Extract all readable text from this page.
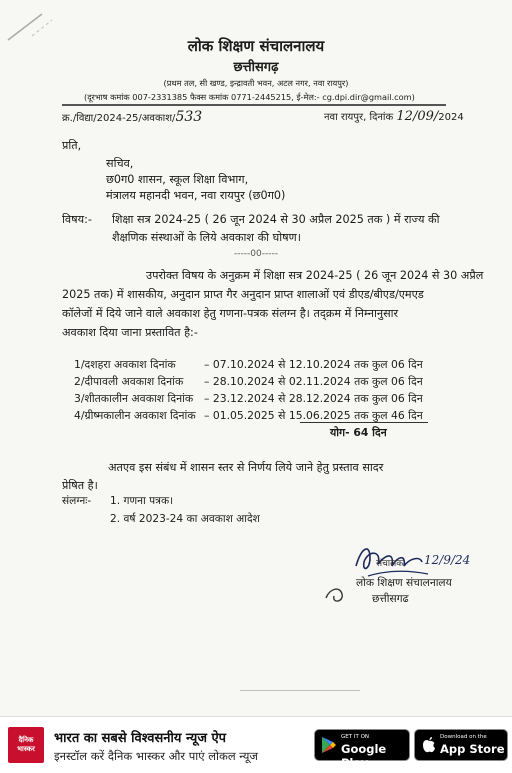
लोक शिक्षण संचालनालय
छत्तीसगढ़
(प्रथम तल, सी खण्ड, इन्द्रावती भवन, अटल नगर, नवा रायपुर)
(दूरभाष कमांक 007-2331385 फैक्स कमांक 0771-2445215, ई-मेल:- cg.dpi.dir@gmail.com)
क्र./विद्या/2024-25/अवकाश/533	नवा रायपुर, दिनांक 12/09/2024
प्रति,
सचिव,
छ0ग0 शासन, स्कूल शिक्षा विभाग,
मंत्रालय महानदी भवन, नवा रायपुर (छ0ग0)
विषय:- शिक्षा सत्र 2024-25 ( 26 जून 2024 से 30 अप्रैल 2025 तक ) में राज्य की
शैक्षणिक संस्थाओं के लिये अवकाश की घोषण।
-----00-----
उपरोक्त विषय के अनुक्रम में शिक्षा सत्र 2024-25 ( 26 जून 2024 से 30 अप्रैल
2025 तक) में शासकीय, अनुदान प्राप्त गैर अनुदान प्राप्त शालाओं एवं डीएड/बीएड/एमएड
कॉलेजों में दिये जाने वाले अवकाश हेतु गणना-पत्रक संलग्न है। तद्क्रम में निम्नानुसार
अवकाश दिया जाना प्रस्तावित है:-
1/दशहरा अवकाश दिनांक	– 07.10.2024 से 12.10.2024 तक कुल 06 दिन
2/दीपावली अवकाश दिनांक – 28.10.2024 से 02.11.2024 तक कुल 06 दिन
3/शीतकालीन अवकाश दिनांक – 23.12.2024 से 28.12.2024 तक कुल 06 दिन
4/ग्रीष्मकालीन अवकाश दिनांक – 01.05.2025 से 15.06.2025 तक कुल 46 दिन
योग- 64 दिन
अतएव इस संबंध में शासन स्तर से निर्णय लिये जाने हेतु प्रस्ताव सादर
प्रेषित है।
संलग्नः- 1. गणना पत्रक।
2. वर्ष 2023-24 का अवकाश आदेश
संचालक 12/9/24
लोक शिक्षण संचालनालय
छत्तीसगढ
दैनिक
भास्कर
भारत का सबसे विश्वसनीय न्यूज ऐप
इनस्टॉल करें दैनिक भास्कर और पाएं लोकल न्यूज
GET IT ON
Google Play
Download on the
App Store
